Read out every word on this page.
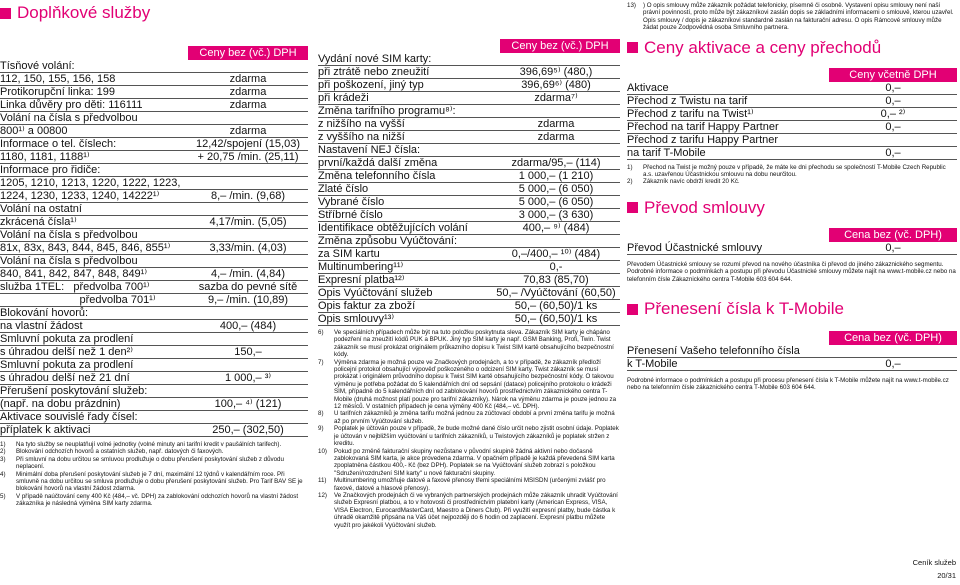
Doplňkové služby
Ceny bez (vč.) DPH
Tísňové volání:
112, 150, 155, 156, 158	zdarma
Protikorupční linka: 199	zdarma
Linka důvěry pro děti: 116111	zdarma
Volání na čísla s předvolbou
800¹⁾ a 00800	zdarma
Informace o tel. číslech:	12,42/spojení (15,03)
1180, 1181, 1188¹⁾	+ 20,75 /min. (25,11)
Informace pro řidiče:
1205, 1210, 1213, 1220, 1222, 1223,
1224, 1230, 1233, 1240, 14222¹⁾	8,– /min. (9,68)
Volání na ostatní
zkrácená čísla¹⁾	4,17/min. (5,05)
Volání na čísla s předvolbou
81x, 83x, 843, 844, 845, 846, 855¹⁾	3,33/min. (4,03)
Volání na čísla s předvolbou
840, 841, 842, 847, 848, 849¹⁾	4,– /min. (4,84)
služba 1TEL:   předvolba 700¹⁾	sazba do pevné sítě
předvolba 701¹⁾	9,– /min. (10,89)
Blokování hovorů:
na vlastní žádost	400,– (484)
Smluvní pokuta za prodlení
s úhradou delší než 1 den²⁾	150,–
Smluvní pokuta za prodlení
s úhradou delší než 21 dní	1 000,– ³⁾
Přerušení poskytování služeb:
(např. na dobu prázdnin)	100,– ⁴⁾ (121)
Aktivace souvislé řady čísel:
příplatek k aktivaci	250,– (302,50)
1)	Na tyto služby se neuplatňují volné jednotky (volné minuty ani tarifní kredit v paušálních tarifech).
2)	Blokování odchozích hovorů a ostatních služeb, např. datových či faxových.
3)	Při smluvní na dobu určitou se smluvou prodlužuje o dobu přerušení poskytování služeb z důvodu neplacení.
4)	Minimální doba přerušení poskytování služeb je 7 dní, maximální 12 týdnů v kalendářním roce. Při smluvně na dobu určitou se smluva prodlužuje o dobu přerušení poskytování služeb. Pro Tarif BAV SE je blokování hovorů na vlastní žádost zdarma.
5)	V případě naúčtování ceny 400 Kč (484,– vč. DPH) za zablokování odchozích hovorů na vlastní žádost zákazníka je následná výměna SIM karty zdarma.
Ceny bez (vč.) DPH
Vydání nové SIM karty:
při ztrátě nebo zneužití	396,69⁵⁾ (480,)
při poškození, jiný typ	396,69⁶⁾ (480)
při krádeži	zdarma⁷⁾
Změna tarifního programu⁸⁾:
z nižšího na vyšší	zdarma
z vyššího na nižší	zdarma
Nastavení NEJ čísla:
první/každá další změna	zdarma/95,– (114)
Změna telefonního čísla	1 000,– (1 210)
Zlaté číslo	5 000,– (6 050)
Vybrané číslo	5 000,– (6 050)
Stříbrné číslo	3 000,– (3 630)
Identifikace obtěžujících volání	400,– ⁹⁾ (484)
Změna způsobu Vyúčtování:
za SIM kartu	0,–/400,– ¹⁰⁾ (484)
Multinumbering¹¹⁾	0,-
Expresní platba¹²⁾	70,83 (85,70)
Opis Vyúčtování služeb	50,– /Vyúčtování (60,50)
Opis faktur za zboží	50,– (60,50)/1 ks
Opis smlouvy¹³⁾	50,– (60,50)/1 ks
6)	Ve speciálních případech může být na tuto položku poskytnuta sleva. Zákazník SIM karty je chápáno podezření na zneužití kódů PUK a BPUK. Jiný typ SIM karty je např. GSM Banking, Profi, Twin. Twist zákazník se musí prokázat originálem průkazního dopisu k Twist SIM kartě obsahujícího bezpečnostní kódy.
7)	Výměna zdarma je možná pouze ve Značkových prodejnách, a to v případě, že zákazník předloží policejní protokol obsahující výpověď poškozeného o odcizení SIM karty. Twist zákazník se musí prokázat i originálem průvodního dopisu k Twist SIM kartě obsahujícího bezpečnostní kódy. O takovou výměnu je potřeba požádat do 5 kalendářních dní od sepsání (datace) policejního protokolu o krádeži SIM, případně do 5 kalendářních dní od zablokování hovorů prostřednictvím zákaznického centra T-Mobile (druhá možnost platí pouze pro tarifní zákazníky). Nárok na výměnu zdarma je pouze jednou za 12 měsíců. V ostatních případech je cena výměny 400 Kč (484,– vč. DPH).
8)	U tarifních zákazníků je změna tarifu možná jednou za zúčtovací období a první změna tarifu je možná až po prvním Vyúčtování služeb.
9)	Poplatek je účtován pouze v případě, že bude možné dané číslo určit nebo zjistit osobní údaje. Poplatek je účtován v nejbližším vyúčtování u tarifních zákazníků, u Twistových zákazníků je poplatek stržen z kreditu.
10)	Pokud po změně fakturační skupiny nezůstane v původní skupině žádná aktivní nebo dočasně zablokovaná SIM karta, je akce provedena zdarma. V opačném případě je každá převedená SIM karta zpoplatněna částkou 400,- Kč (bez DPH). Poplatek se na Vyúčtování služeb zobrazí s položkou "Sdružení/rozdružení SIM karty" u nové fakturační skupiny.
11)	Multinumbering umožňuje datové a faxové přenosy třemi speciálními MSISDN (určenými zvlášť pro faxové, datové a hlasové přenosy).
12)	Ve Značkových prodejnách či ve vybraných partnerských prodejnách může zákazník uhradit Vyúčtování služeb Expresní platbou, a to v hotovosti či prostřednictvím platební karty (American Express, VISA, VISA Electron, EurocardMasterCard, Maestro a Diners Club). Při využití expresní platby, bude částka k úhradě okamžitě připsána na Váš účet nejpozději do 6 hodin od zaplacení. Expresní platbu můžete využít pro jakékoli Vyúčtování služeb.
13)	) O opis smlouvy může zákazník požádat telefonicky, písemně či osobně. Vystavení opisu smlouvy není naší právní povinností, proto může být zákazníkovi zaslán dopis se základními informacemi o smlouvě, kterou uzavřel. Opis smlouvy / dopis je zákazníkovi standardně zaslán na fakturační adresu. O opis Rámcové smlouvy může žádat pouze Zodpovědná osoba Smluvního partnera.
Ceny aktivace a ceny přechodů
Ceny včetně DPH
Aktivace	0,–
Přechod z Twistu na tarif	0,–
Přechod z tarifu na Twist¹⁾	0,– ²⁾
Přechod na tarif Happy Partner	0,–
Přechod z tarifu Happy Partner
na tarif T-Mobile	0,–
1)	Přechod na Twist je možný pouze v případě, že máte ke dni přechodu se společností T-Mobile Czech Republic a.s. uzavřenou Účastnickou smlouvu na dobu neurčitou.
2)	Zákazník navíc obdrží kredit 20 Kč.
Převod smlouvy
Cena bez (vč. DPH)
Převod Účastnické smlouvy	0,–
Převodem Účastnické smlouvy se rozumí převod na nového účastníka či převod do jiného zákaznického segmentu. Podrobné informace o podmínkách a postupu při převodu Účastnické smlouvy můžete najít na www.t-mobile.cz nebo na telefonním čísle Zákaznického centra T-Mobile 603 604 644.
Přenesení čísla k T-Mobile
Cena bez (vč. DPH)
Přenesení Vašeho telefonního čísla
k T-Mobile	0,–
Podrobné informace o podmínkách a postupu při procesu přenesení čísla k T-Mobile můžete najít na www.t-mobile.cz nebo na telefonním čísle zákaznického centra T-Mobile 603 604 644.
Ceník služeb
20/31
